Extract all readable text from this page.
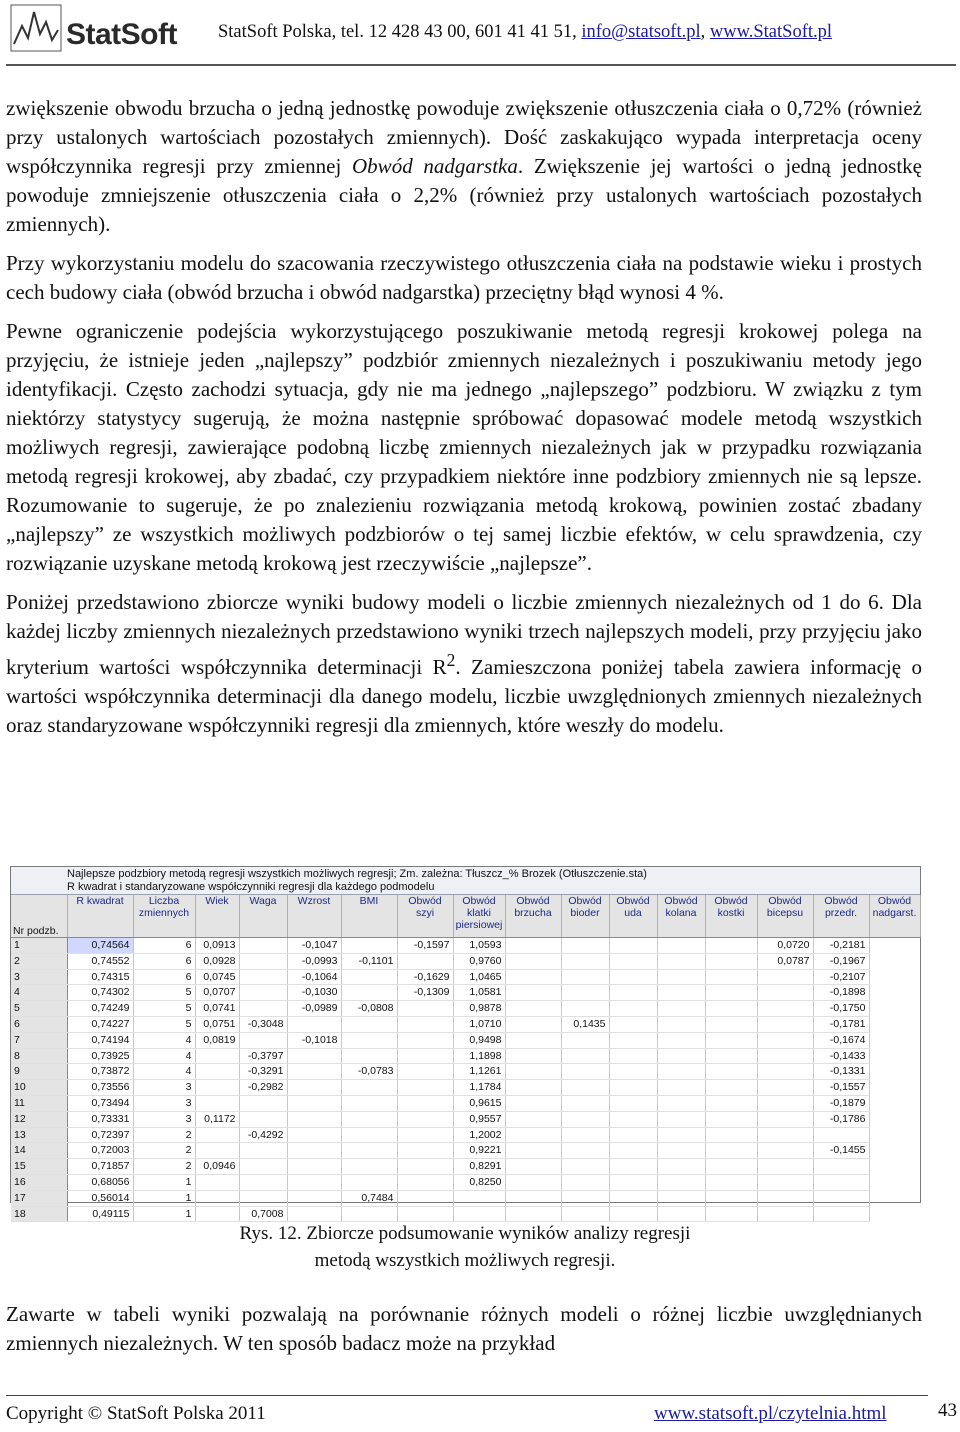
StatSoft StatSoft Polska, tel. 12 428 43 00, 601 41 41 51, info@statsoft.pl, www.StatSoft.pl

zwiększenie obwodu brzucha o jedną jednostkę powoduje zwiększenie otłuszczenia ciała o 0,72% (również przy ustalonych wartościach pozostałych zmiennych). Dość zaskakująco wypada interpretacja oceny współczynnika regresji przy zmiennej Obwód nadgarstka. Zwiększenie jej wartości o jedną jednostkę powoduje zmniejszenie otłuszczenia ciała o 2,2% (również przy ustalonych wartościach pozostałych zmiennych).

Przy wykorzystaniu modelu do szacowania rzeczywistego otłuszczenia ciała na podstawie wieku i prostych cech budowy ciała (obwód brzucha i obwód nadgarstka) przeciętny błąd wynosi 4 %.

Pewne ograniczenie podejścia wykorzystującego poszukiwanie metodą regresji krokowej polega na przyjęciu, że istnieje jeden „najlepszy” podzbiór zmiennych niezależnych i poszukiwaniu metody jego identyfikacji. Często zachodzi sytuacja, gdy nie ma jednego „najlepszego” podzbioru. W związku z tym niektórzy statystycy sugerują, że można następnie spróbować dopasować modele metodą wszystkich możliwych regresji, zawierające podobną liczbę zmiennych niezależnych jak w przypadku rozwiązania metodą regresji krokowej, aby zbadać, czy przypadkiem niektóre inne podzbiory zmiennych nie są lepsze. Rozumowanie to sugeruje, że po znalezieniu rozwiązania metodą krokową, powinien zostać zbadany „najlepszy” ze wszystkich możliwych podzbiorów o tej samej liczbie efektów, w celu sprawdzenia, czy rozwiązanie uzyskane metodą krokową jest rzeczywiście „najlepsze”.

Poniżej przedstawiono zbiorcze wyniki budowy modeli o liczbie zmiennych niezależnych od 1 do 6. Dla każdej liczby zmiennych niezależnych przedstawiono wyniki trzech najlepszych modeli, przy przyjęciu jako kryterium wartości współczynnika determinacji $R^2$. Zamieszczona poniżej tabela zawiera informację o wartości współczynnika determinacji dla danego modelu, liczbie uwzględnionych zmiennych niezależnych oraz standaryzowane współczynniki regresji dla zmiennych, które weszły do modelu.

Najlepsze podzbiory metodą regresji wszystkich możliwych regresji; Zm. zależna: Tłuszcz_% Brozek (Otłuszczenie.sta)
R kwadrat i standaryzowane współczynniki regresji dla każdego podmodelu
Nr podzb.	R kwadrat	Liczba zmiennych	Wiek	Waga	Wzrost	BMI	Obwód szyi	Obwód klatki piersiowej	Obwód brzucha	Obwód bioder	Obwód uda	Obwód kolana	Obwód kostki	Obwód bicepsu	Obwód przedr.	Obwód nadgarst.
1	0,74564	6	0,0913		-0,1047		-0,1597	1,0593						0,0720	-0,2181	
2	0,74552	6	0,0928		-0,0993	-0,1101		0,9760						0,0787	-0,1967	
3	0,74315	6	0,0745		-0,1064		-0,1629	1,0465							-0,2107	
4	0,74302	5	0,0707		-0,1030		-0,1309	1,0581							-0,1898	
5	0,74249	5	0,0741		-0,0989	-0,0808		0,9878							-0,1750	
6	0,74227	5	0,0751	-0,3048				1,0710		0,1435					-0,1781	
7	0,74194	4	0,0819		-0,1018			0,9498							-0,1674	
8	0,73925	4		-0,3797				1,1898							-0,1433	
9	0,73872	4		-0,3291		-0,0783		1,1261							-0,1331	
10	0,73556	3		-0,2982				1,1784							-0,1557	
11	0,73494	3						0,9615							-0,1879	
12	0,73331	3	0,1172					0,9557							-0,1786	
13	0,72397	2		-0,4292				1,2002								
14	0,72003	2						0,9221							-0,1455	
15	0,71857	2	0,0946					0,8291								
16	0,68056	1						0,8250								
17	0,56014	1				0,7484										
18	0,49115	1		0,7008												
Rys. 12. Zbiorcze podsumowanie wyników analizy regresji
metodą wszystkich możliwych regresji.
Zawarte w tabeli wyniki pozwalają na porównanie różnych modeli o różnej liczbie uwzględnianych zmiennych niezależnych. W ten sposób badacz może na przykład
Copyright © StatSoft Polska 2011	www.statsoft.pl/czytelnia.html	43
